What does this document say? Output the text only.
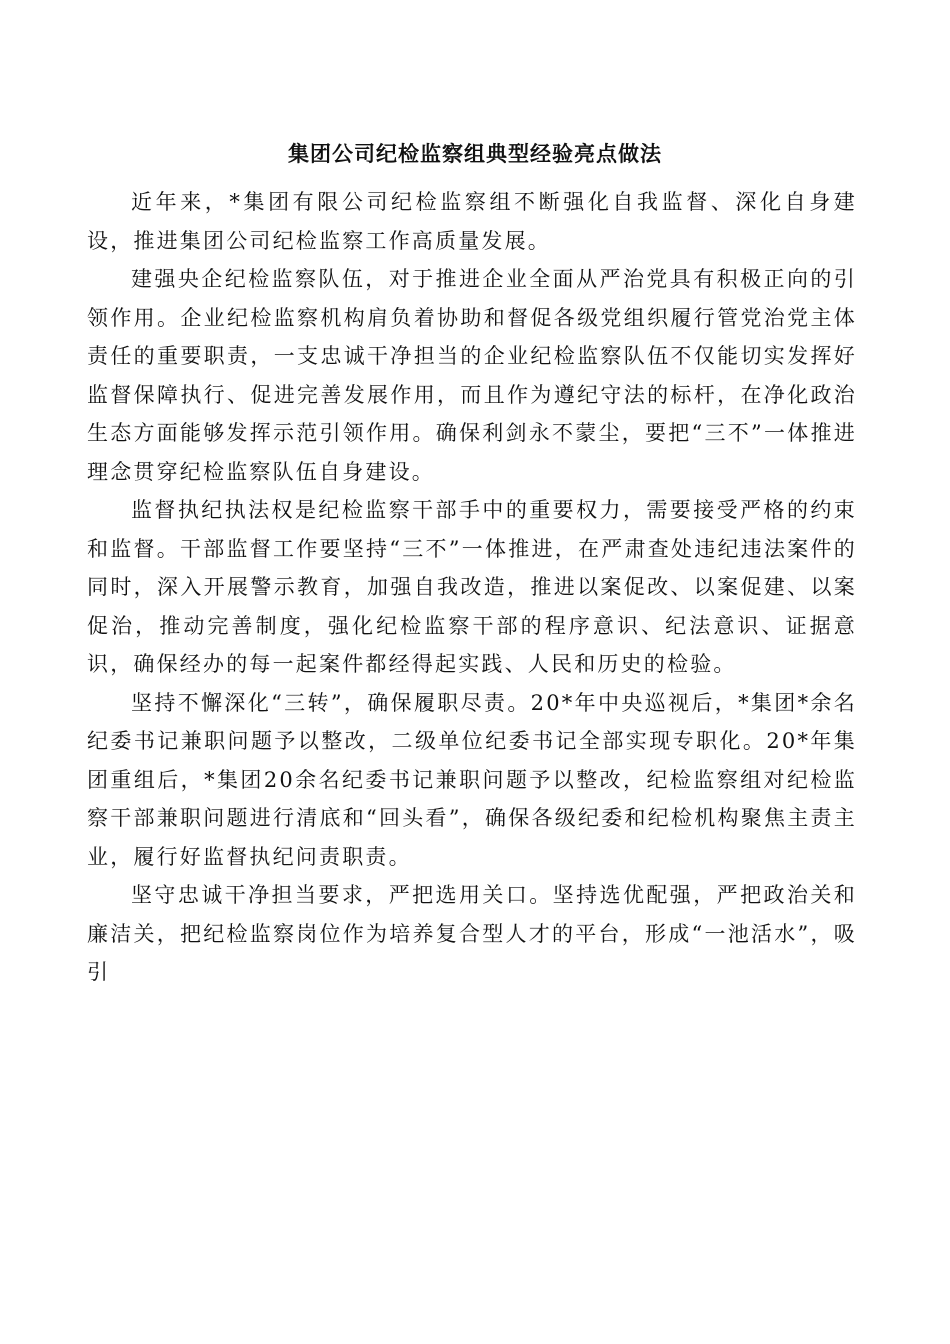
集团公司纪检监察组典型经验亮点做法

近年来，*集团有限公司纪检监察组不断强化自我监督、深化自身建设，推进集团公司纪检监察工作高质量发展。

建强央企纪检监察队伍，对于推进企业全面从严治党具有积极正向的引领作用。企业纪检监察机构肩负着协助和督促各级党组织履行管党治党主体责任的重要职责，一支忠诚干净担当的企业纪检监察队伍不仅能切实发挥好监督保障执行、促进完善发展作用，而且作为遵纪守法的标杆，在净化政治生态方面能够发挥示范引领作用。确保利剑永不蒙尘，要把“三不”一体推进理念贯穿纪检监察队伍自身建设。

监督执纪执法权是纪检监察干部手中的重要权力，需要接受严格的约束和监督。干部监督工作要坚持“三不”一体推进，在严肃查处违纪违法案件的同时，深入开展警示教育，加强自我改造，推进以案促改、以案促建、以案促治，推动完善制度，强化纪检监察干部的程序意识、纪法意识、证据意识，确保经办的每一起案件都经得起实践、人民和历史的检验。

坚持不懈深化“三转”，确保履职尽责。20*年中央巡视后，*集团*余名纪委书记兼职问题予以整改，二级单位纪委书记全部实现专职化。20*年集团重组后，*集团20余名纪委书记兼职问题予以整改，纪检监察组对纪检监察干部兼职问题进行清底和“回头看”，确保各级纪委和纪检机构聚焦主责主业，履行好监督执纪问责职责。

坚守忠诚干净担当要求，严把选用关口。坚持选优配强，严把政治关和廉洁关，把纪检监察岗位作为培养复合型人才的平台，形成“一池活水”，吸引
